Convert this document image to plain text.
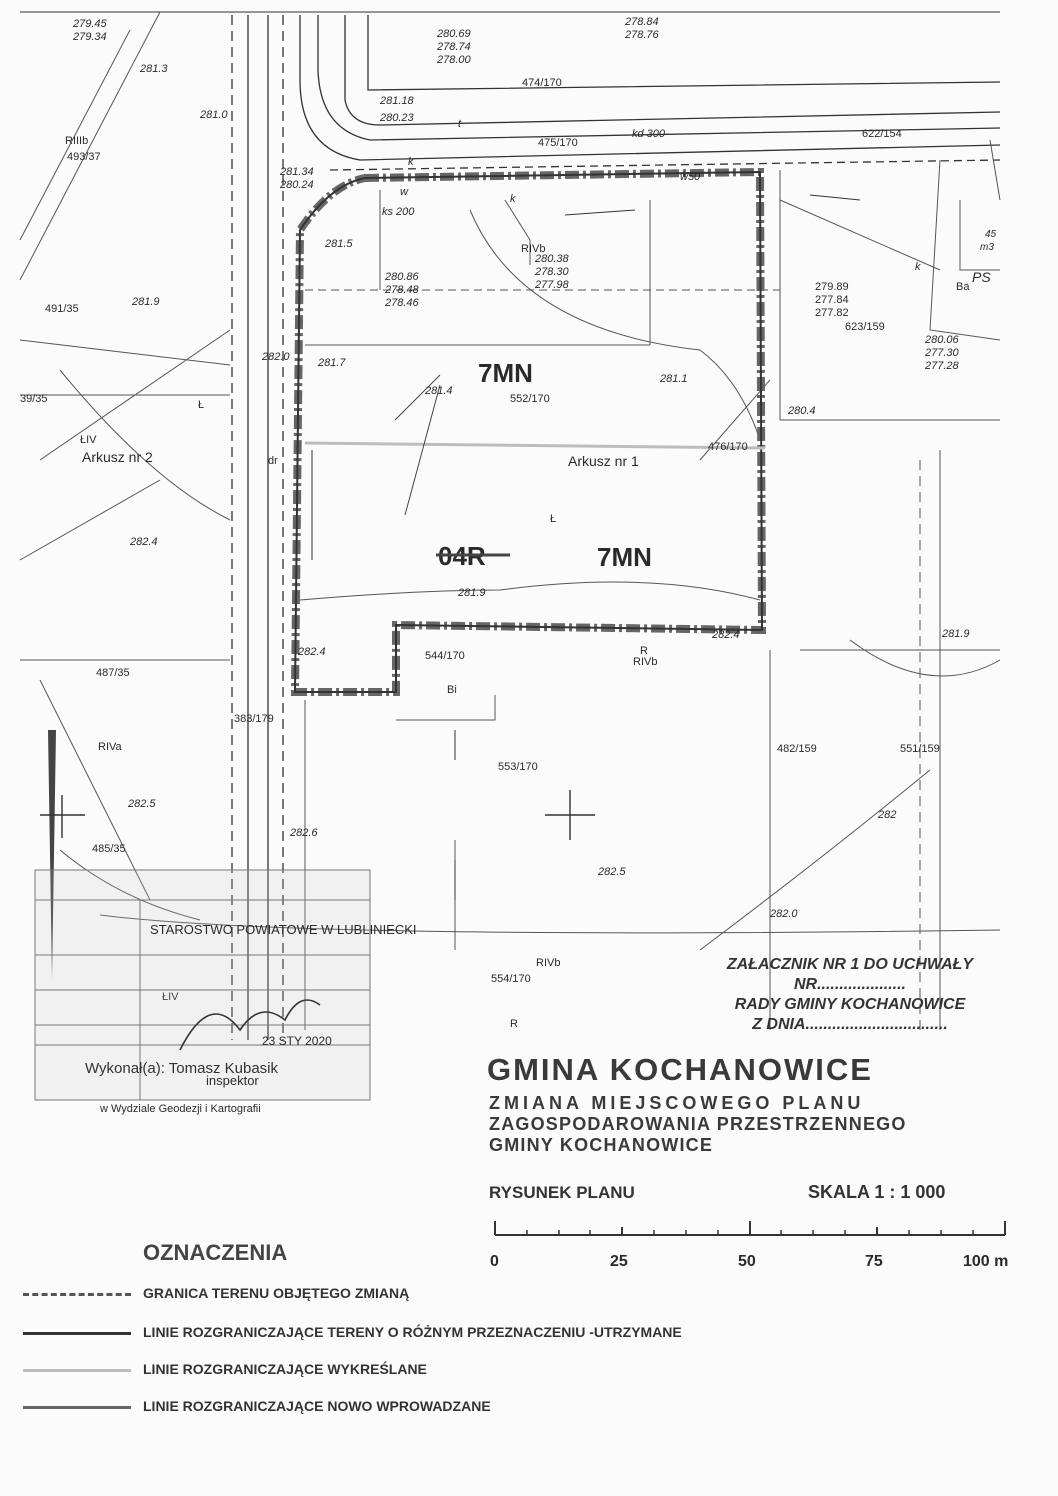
7MN
04R	7MN
Arkusz nr 1
Arkusz nr 2
552/170
476/170
544/170
553/170
554/170
482/159	551/159
623/159
622/154
474/170
475/170
493/37
491/35
487/35
485/35
383/179
39/35
RIVb
RIVb
RIVb
RIIIb
RIVa
ŁIV
Ł
Ł
R
R
Bi
Ba
dr
PS
281.3
281.0
281.9
281.7
282.0
281.4
281.1
281.5
280.4
282.4
282.4
282.4
282.5
282.5
282.6
282.0
282
281.9
281.9
281.34
280.24
281.18
280.23
280.69
278.74
278.00
280.38
278.30
277.98
280.86
278.48
278.46
279.89
277.84
277.82
280.06
277.30
277.28
278.84
278.76
279.45
279.34
kd 300
ks 200
w50
w
k
k
k
t
m3
45
STAROSTWO POWIATOWE W LUBLINIECKI
inspektor
w Wydziale Geodezji i Kartografii
23 STY 2020
Wykonał(a): Tomasz Kubasik
ZAŁACZNIK NR 1 DO UCHWAŁY
NR....................
RADY GMINY KOCHANOWICE
Z DNIA................................
GMINA KOCHANOWICE
ZMIANA MIEJSCOWEGO PLANU
ZAGOSPODAROWANIA PRZESTRZENNEGO
GMINY KOCHANOWICE
RYSUNEK PLANU	SKALA 1 : 1 000
0	25	50	75	100 m
OZNACZENIA
GRANICA TERENU OBJĘTEGO ZMIANĄ
LINIE ROZGRANICZAJĄCE TERENY O RÓŻNYM PRZEZNACZENIU -UTRZYMANE
LINIE ROZGRANICZAJĄCE WYKREŚLANE
LINIE ROZGRANICZAJĄCE NOWO WPROWADZANE
